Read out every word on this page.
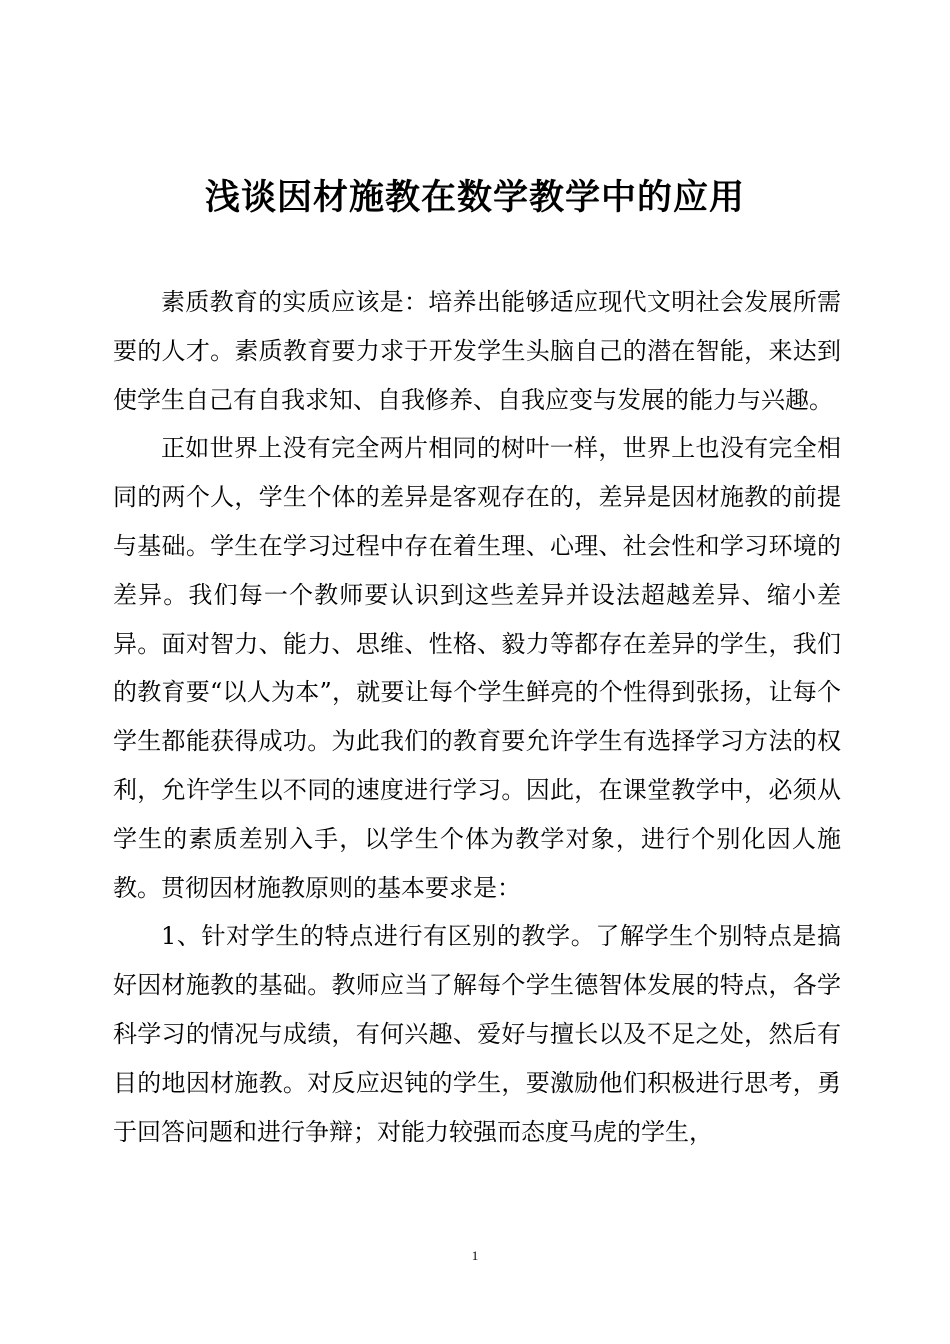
浅谈因材施教在数学教学中的应用

素质教育的实质应该是：培养出能够适应现代文明社会发展所需要的人才。素质教育要力求于开发学生头脑自己的潜在智能，来达到使学生自己有自我求知、自我修养、自我应变与发展的能力与兴趣。

正如世界上没有完全两片相同的树叶一样，世界上也没有完全相同的两个人，学生个体的差异是客观存在的，差异是因材施教的前提与基础。学生在学习过程中存在着生理、心理、社会性和学习环境的差异。我们每一个教师要认识到这些差异并设法超越差异、缩小差异。面对智力、能力、思维、性格、毅力等都存在差异的学生，我们的教育要“以人为本”，就要让每个学生鲜亮的个性得到张扬，让每个学生都能获得成功。为此我们的教育要允许学生有选择学习方法的权利，允许学生以不同的速度进行学习。因此，在课堂教学中，必须从学生的素质差别入手，以学生个体为教学对象，进行个别化因人施教。贯彻因材施教原则的基本要求是：

1、针对学生的特点进行有区别的教学。了解学生个别特点是搞好因材施教的基础。教师应当了解每个学生德智体发展的特点，各学科学习的情况与成绩，有何兴趣、爱好与擅长以及不足之处，然后有目的地因材施教。对反应迟钝的学生，要激励他们积极进行思考，勇于回答问题和进行争辩；对能力较强而态度马虎的学生，

1
